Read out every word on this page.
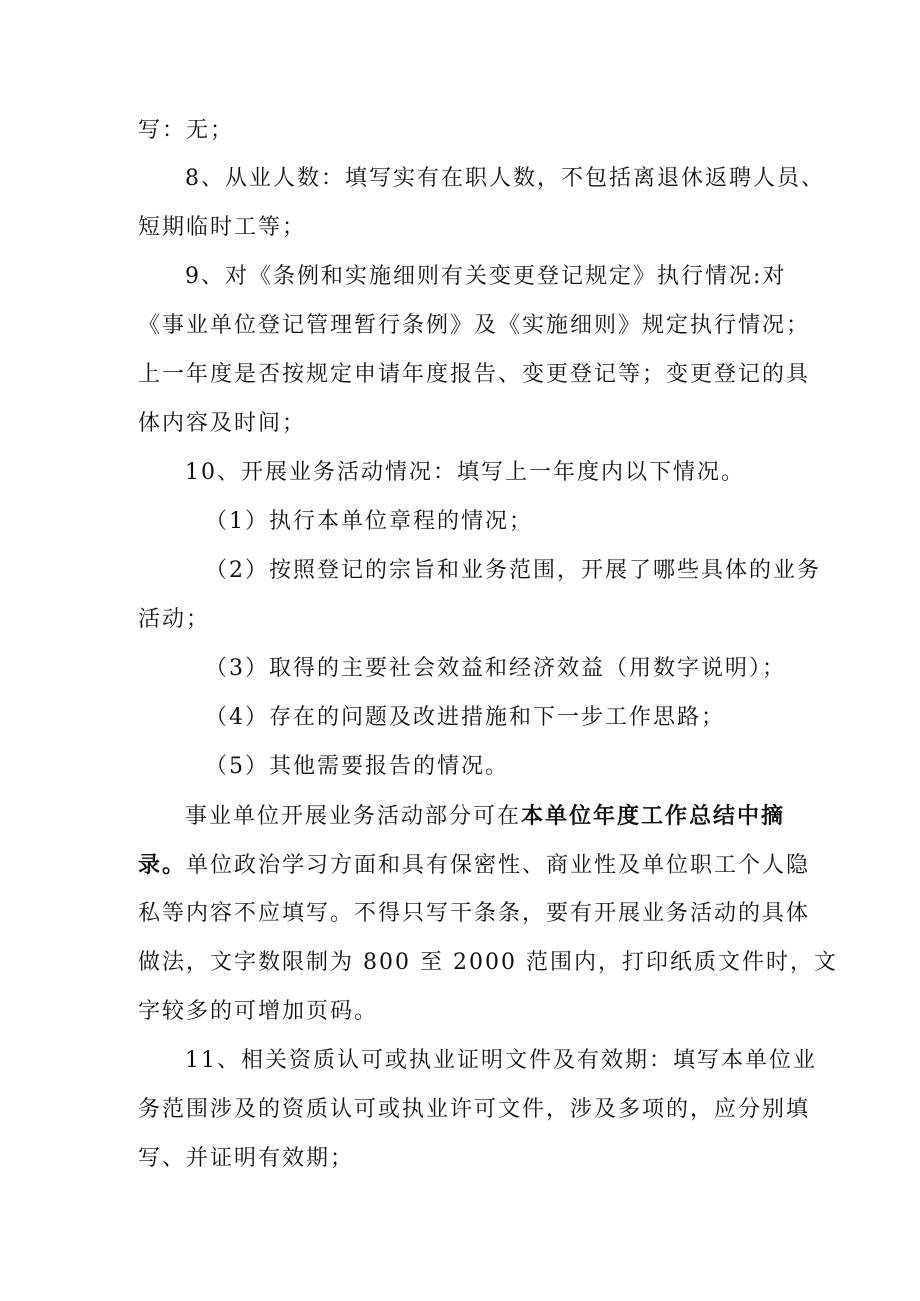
写：无；
8、从业人数：填写实有在职人数，不包括离退休返聘人员、
短期临时工等；
9、对《条例和实施细则有关变更登记规定》执行情况:对
《事业单位登记管理暂行条例》及《实施细则》规定执行情况；
上一年度是否按规定申请年度报告、变更登记等；变更登记的具
体内容及时间；
10、开展业务活动情况：填写上一年度内以下情况。
（1）执行本单位章程的情况；
（2）按照登记的宗旨和业务范围，开展了哪些具体的业务
活动；
（3）取得的主要社会效益和经济效益（用数字说明）；
（4）存在的问题及改进措施和下一步工作思路；
（5）其他需要报告的情况。
事业单位开展业务活动部分可在本单位年度工作总结中摘
录。单位政治学习方面和具有保密性、商业性及单位职工个人隐
私等内容不应填写。不得只写干条条，要有开展业务活动的具体
做法，文字数限制为 800 至 2000 范围内，打印纸质文件时，文
字较多的可增加页码。
11、相关资质认可或执业证明文件及有效期：填写本单位业
务范围涉及的资质认可或执业许可文件，涉及多项的，应分别填
写、并证明有效期；
